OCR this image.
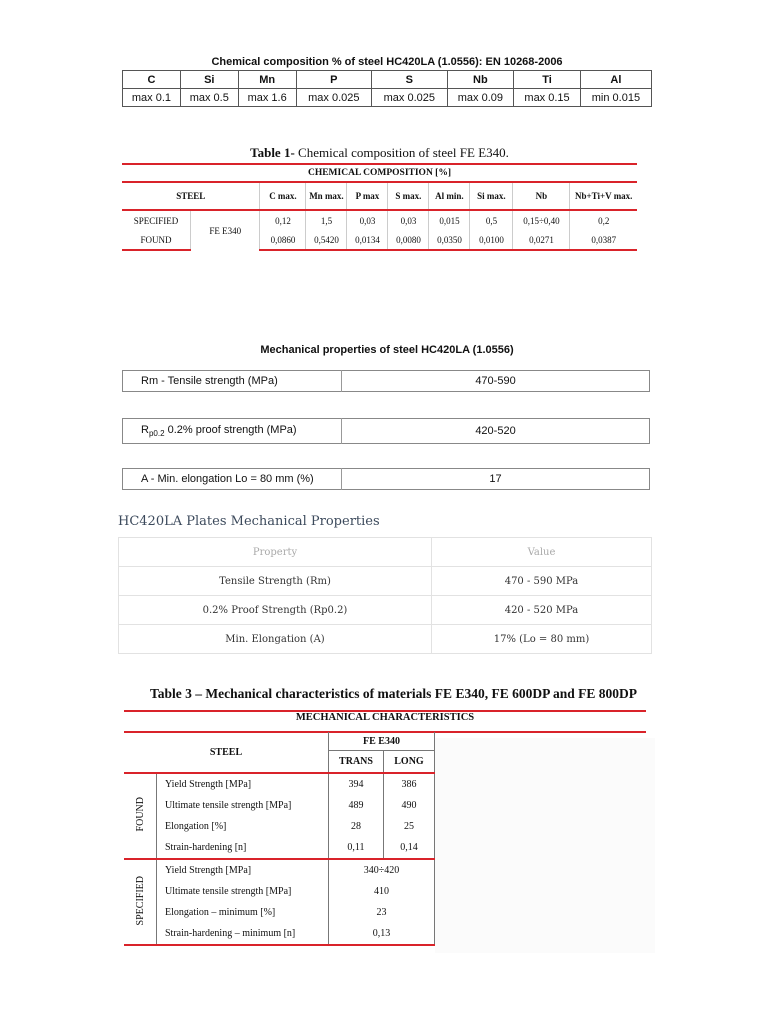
Chemical composition % of steel HC420LA (1.0556): EN 10268-2006
C	Si	Mn	P	S	Nb	Ti	Al
max 0.1	max 0.5	max 1.6	max 0.025	max 0.025	max 0.09	max 0.15	min 0.015
Table 1- Chemical composition of steel FE E340.
CHEMICAL COMPOSITION [%]									
STEEL		C max.	Mn max.	P max	S max.	Al min.	Si max.	Nb	Nb+Ti+V max.
SPECIFIED	FE E340	0,12	1,5	0,03	0,03	0,015	0,5	0,15÷0,40	0,2
FOUND		0,0860	0,5420	0,0134	0,0080	0,0350	0,0100	0,0271	0,0387
Mechanical properties of steel HC420LA (1.0556)
Rm - Tensile strength (MPa)	470-590
$R_{p0.2}$ 0.2% proof strength (MPa)	420-520
A - Min. elongation Lo = 80 mm (%)	17
HC420LA Plates Mechanical Properties
Property	Value
Tensile Strength (Rm)	470 - 590 MPa
0.2% Proof Strength (Rp0.2)	420 - 520 MPa
Min. Elongation (A)	17% (Lo = 80 mm)
Table 3 – Mechanical characteristics of materials FE E340, FE 600DP and FE 800DP
MECHANICAL CHARACTERISTICS
STEEL		FE E340	
		TRANS	LONG
FOUND	Yield Strength [MPa]	394	386
	Ultimate tensile strength [MPa]	489	490
	Elongation [%]	28	25
	Strain-hardening [n]	0,11	0,14
SPECIFIED	Yield Strength [MPa]	340÷420	
	Ultimate tensile strength [MPa]	410	
	Elongation – minimum [%]	23	
	Strain-hardening – minimum [n]	0,13	
